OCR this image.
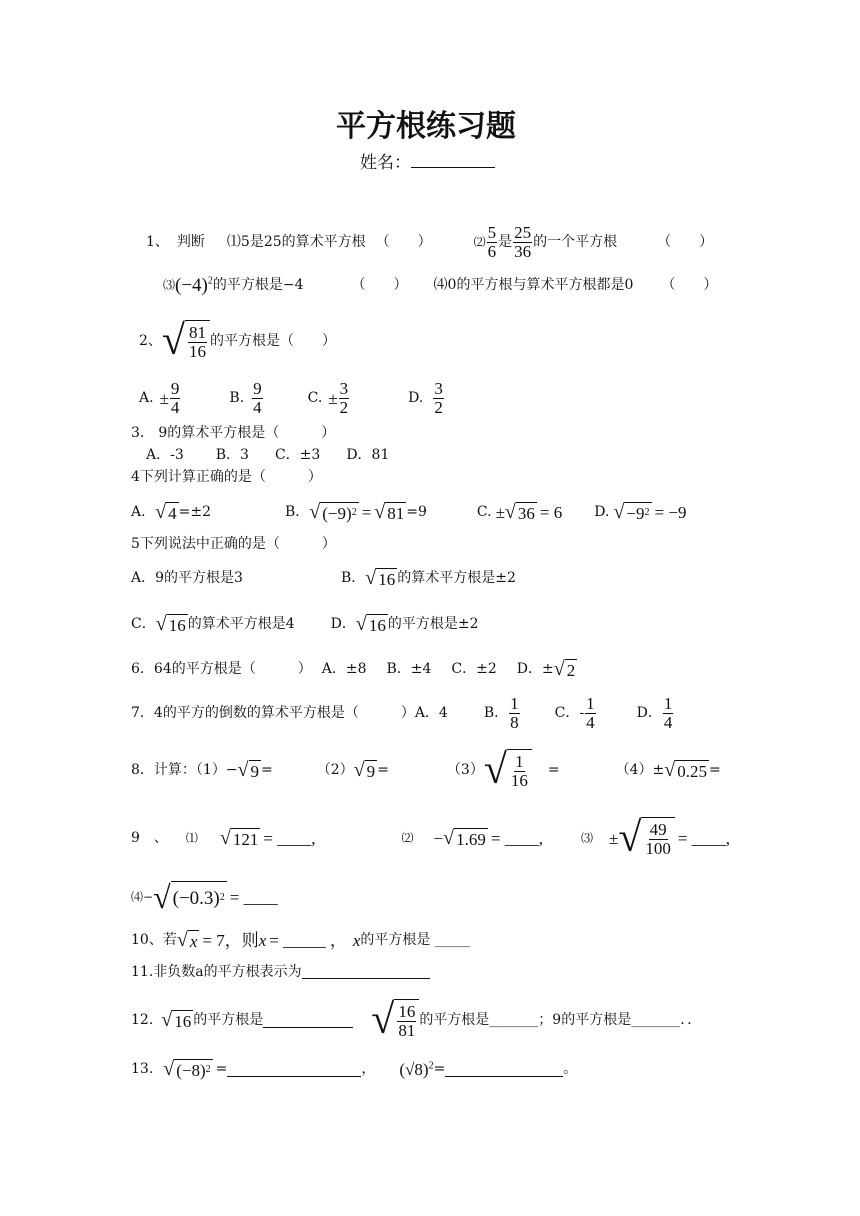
平方根练习题
姓名：
1、 判断 ⑴5是25的算术平方根 （　　）	⑵ $\frac{5}{6}$ 是 $\frac{25}{36}$ 的一个平方根	（　　）
⑶ $(-4)^2$ 的平方根是−4	（　　） ⑷0的平方根与算术平方根都是0 （　　）
2、 √ $\frac{81}{16}$ 的平方根是（　　）
A. ± $\frac{9}{4}$	B. $\frac{9}{4}$	C. ± $\frac{3}{2}$	D. $\frac{3}{2}$
3． 9的算术平方根是（　　　）
A．-3 B．3 C．±3 D．81
4下列计算正确的是（　　　）
A． √ 4 =±2	B． √ (−9) 2 = √ 81 =9	C. ± √ 36 = 6 D. √ −9 2 = −9
5下列说法中正确的是（　　　）
A．9的平方根是3	B． √ 16 的算术平方根是±2
C． √ 16 的算术平方根是4	D． √ 16 的平方根是±2
6．64的平方根是（　　　） A．±8 B．±4 C．±2 D．± √ 2
7．4的平方的倒数的算术平方根是（　　　）A．4	B． $\frac{1}{8}$	C．- $\frac{1}{4}$	D． $\frac{1}{4}$
8．计算：（1）− √ 9 =	（2） √ 9 =	（3） √ $\frac{1}{16}$ =	（4）± √ 0.25 =
9　、 ⑴ √ 121 = ____,	⑵ − √ 1.69 = ____,	⑶ ± √ $\frac{49}{100}$ = ____,
⑷− √ (−0.3) 2 = ____
10、若 √ x = 7，则 x = _____ ， x 的平方根是 _____
11.非负数a的平方根表示为
12. √ 16 的平方根是	√ $\frac{16}{81}$ 的平方根是_______；9的平方根是_______．．
13. √ (−8) 2 =	， $(√8)^2$ =	。
